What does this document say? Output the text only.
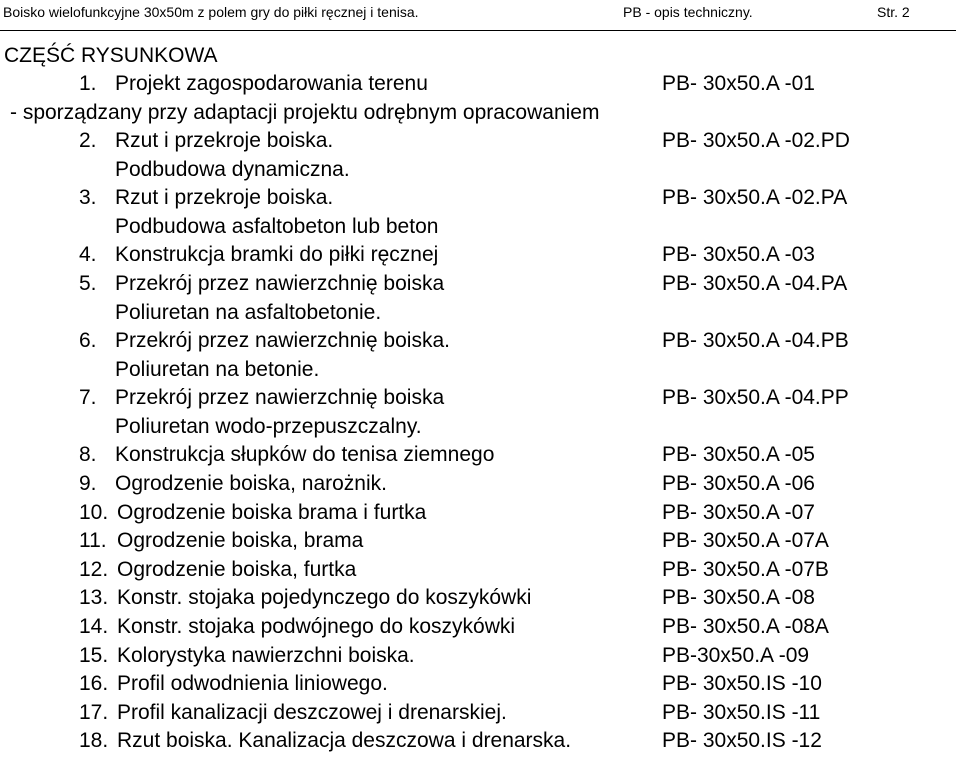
Boisko wielofunkcyjne 30x50m z polem gry do piłki ręcznej i tenisa.	PB - opis techniczny.	Str. 2
CZĘŚĆ RYSUNKOWA
1. Projekt zagospodarowania terenu	PB- 30x50.A -01
- sporządzany przy adaptacji projektu odrębnym opracowaniem
2. Rzut i przekroje boiska.	PB- 30x50.A -02.PD
Podbudowa dynamiczna.
3. Rzut i przekroje boiska.	PB- 30x50.A -02.PA
Podbudowa asfaltobeton lub beton
4. Konstrukcja bramki do piłki ręcznej	PB- 30x50.A -03
5. Przekrój przez nawierzchnię boiska	PB- 30x50.A -04.PA
Poliuretan na asfaltobetonie.
6. Przekrój przez nawierzchnię boiska.	PB- 30x50.A -04.PB
Poliuretan na betonie.
7. Przekrój przez nawierzchnię boiska	PB- 30x50.A -04.PP
Poliuretan wodo-przepuszczalny.
8. Konstrukcja słupków do tenisa ziemnego	PB- 30x50.A -05
9. Ogrodzenie boiska, narożnik.	PB- 30x50.A -06
10. Ogrodzenie boiska brama i furtka	PB- 30x50.A -07
11. Ogrodzenie boiska, brama	PB- 30x50.A -07A
12. Ogrodzenie boiska, furtka	PB- 30x50.A -07B
13. Konstr. stojaka pojedynczego do koszykówki	PB- 30x50.A -08
14. Konstr. stojaka podwójnego do koszykówki	PB- 30x50.A -08A
15. Kolorystyka nawierzchni boiska.	PB-30x50.A -09
16. Profil odwodnienia liniowego.	PB- 30x50.IS -10
17. Profil kanalizacji deszczowej i drenarskiej.	PB- 30x50.IS -11
18. Rzut boiska. Kanalizacja deszczowa i drenarska.	PB- 30x50.IS -12
